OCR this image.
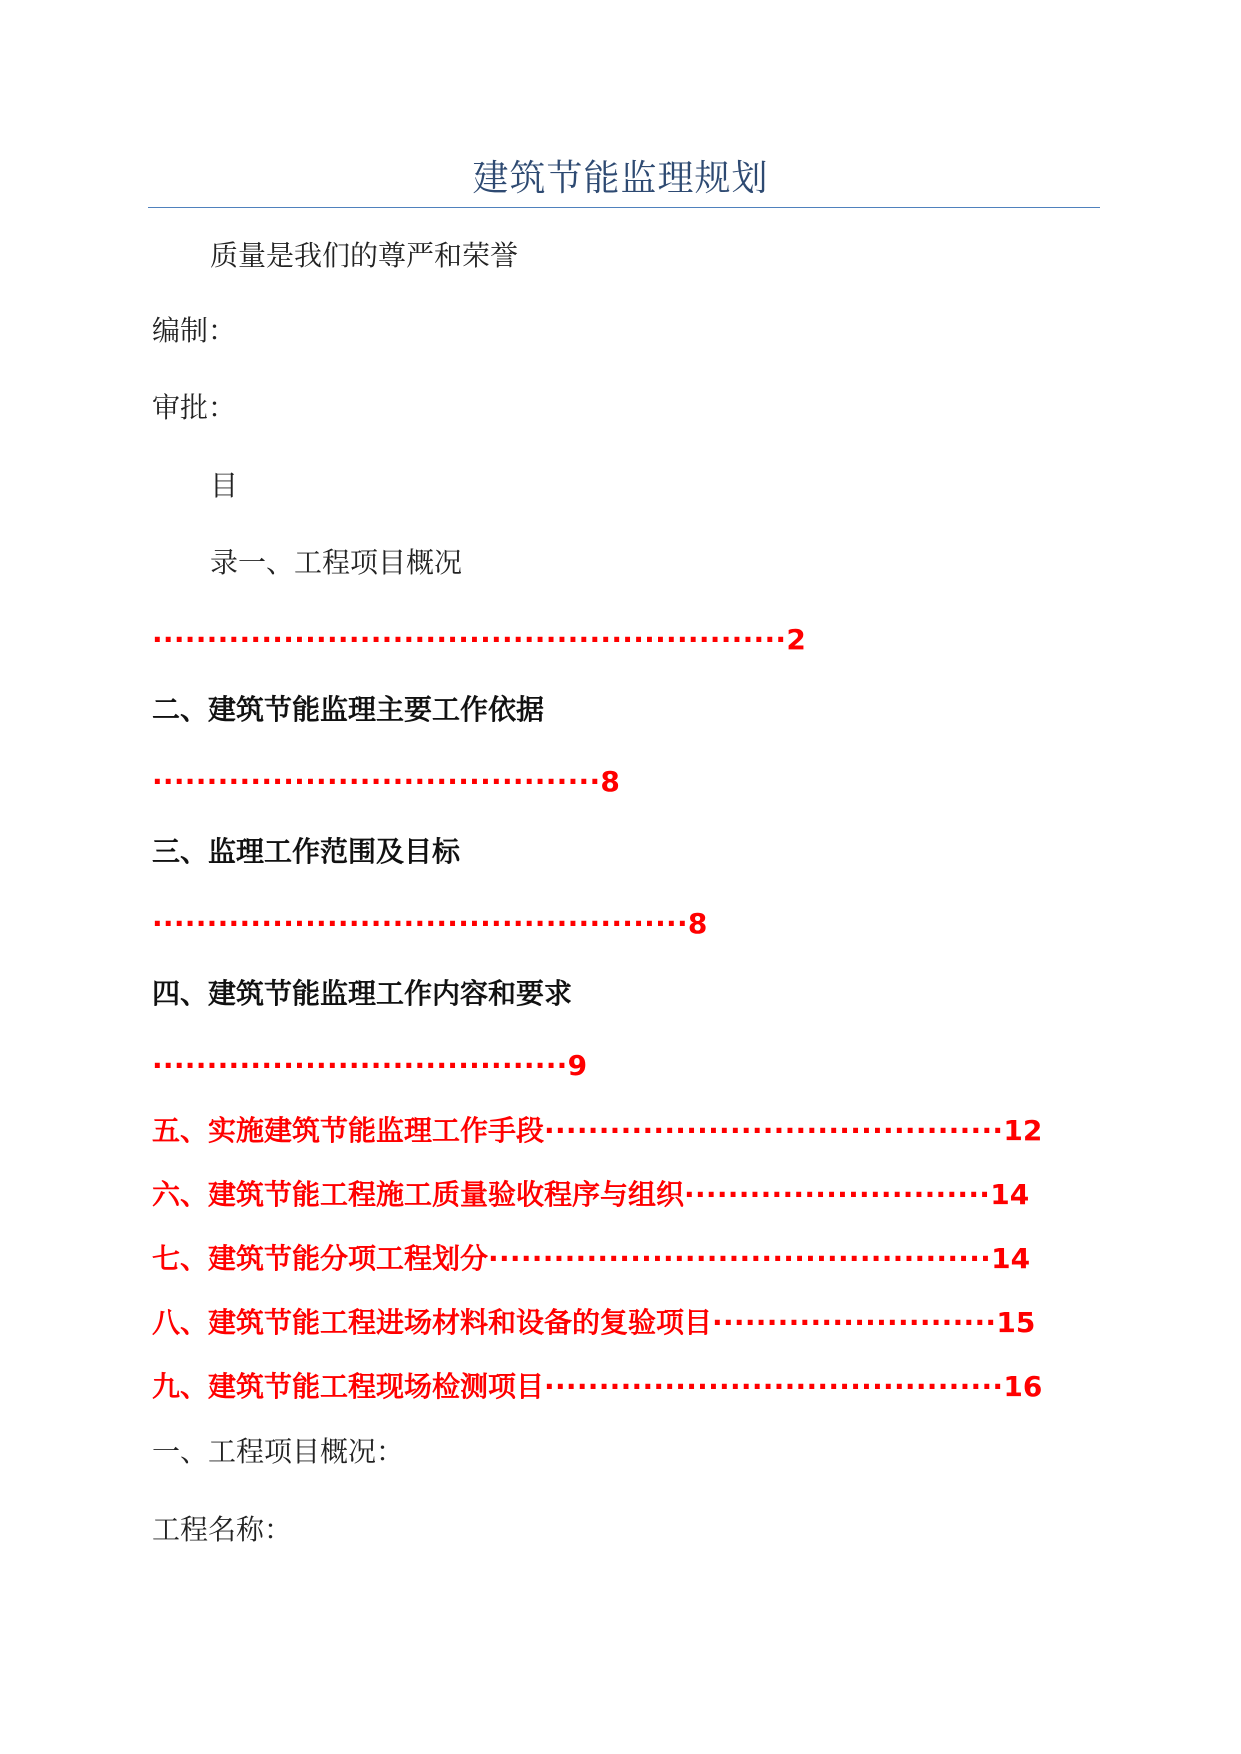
建筑节能监理规划
质量是我们的尊严和荣誉
编制：
审批：
目
录一、工程项目概况
··························································2
二、建筑节能监理主要工作依据
·········································8
三、监理工作范围及目标
·················································8
四、建筑节能监理工作内容和要求
······································9
五、实施建筑节能监理工作手段··········································12
六、建筑节能工程施工质量验收程序与组织····························14
七、建筑节能分项工程划分··············································14
八、建筑节能工程进场材料和设备的复验项目··························15
九、建筑节能工程现场检测项目··········································16
一、工程项目概况：
工程名称：
